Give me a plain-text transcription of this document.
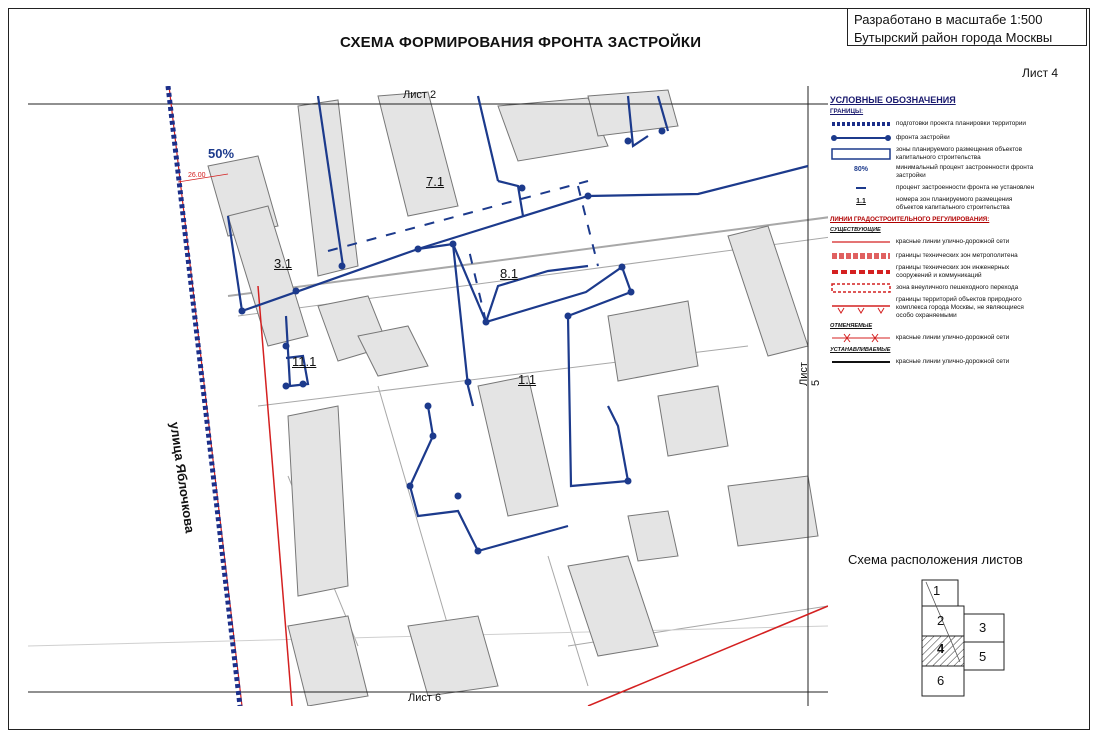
СХЕМА ФОРМИРОВАНИЯ ФРОНТА ЗАСТРОЙКИ
Разработано в масштабе 1:500
Бутырский район города Москвы
Лист 4
Лист 2
Лист 6
Лист 5
улица Яблочкова
50%
26.00	7.1
3.1
8.1
11.1
1.1
УСЛОВНЫЕ ОБОЗНАЧЕНИЯ
ГРАНИЦЫ:
подготовки проекта планировки территории
фронта застройки
зоны планируемого размещения объектов капитального строительства
80%	минимальный процент застроенности фронта застройки
процент застроенности фронта не установлен
1.1	номера зон планируемого размещения объектов капитального строительства
ЛИНИИ ГРАДОСТРОИТЕЛЬНОГО РЕГУЛИРОВАНИЯ:
СУЩЕСТВУЮЩИЕ
красные линии улично-дорожной сети
границы технических зон метрополитена
границы технических зон инженерных сооружений и коммуникаций
зона внеуличного пешеходного перехода
границы территорий объектов природного комплекса города Москвы, не являющиеся особо охраняемыми
ОТМЕНЯЕМЫЕ
красные линии улично-дорожной сети
УСТАНАВЛИВАЕМЫЕ
красные линии улично-дорожной сети
Схема расположения листов
1
2	3
4
5
6
